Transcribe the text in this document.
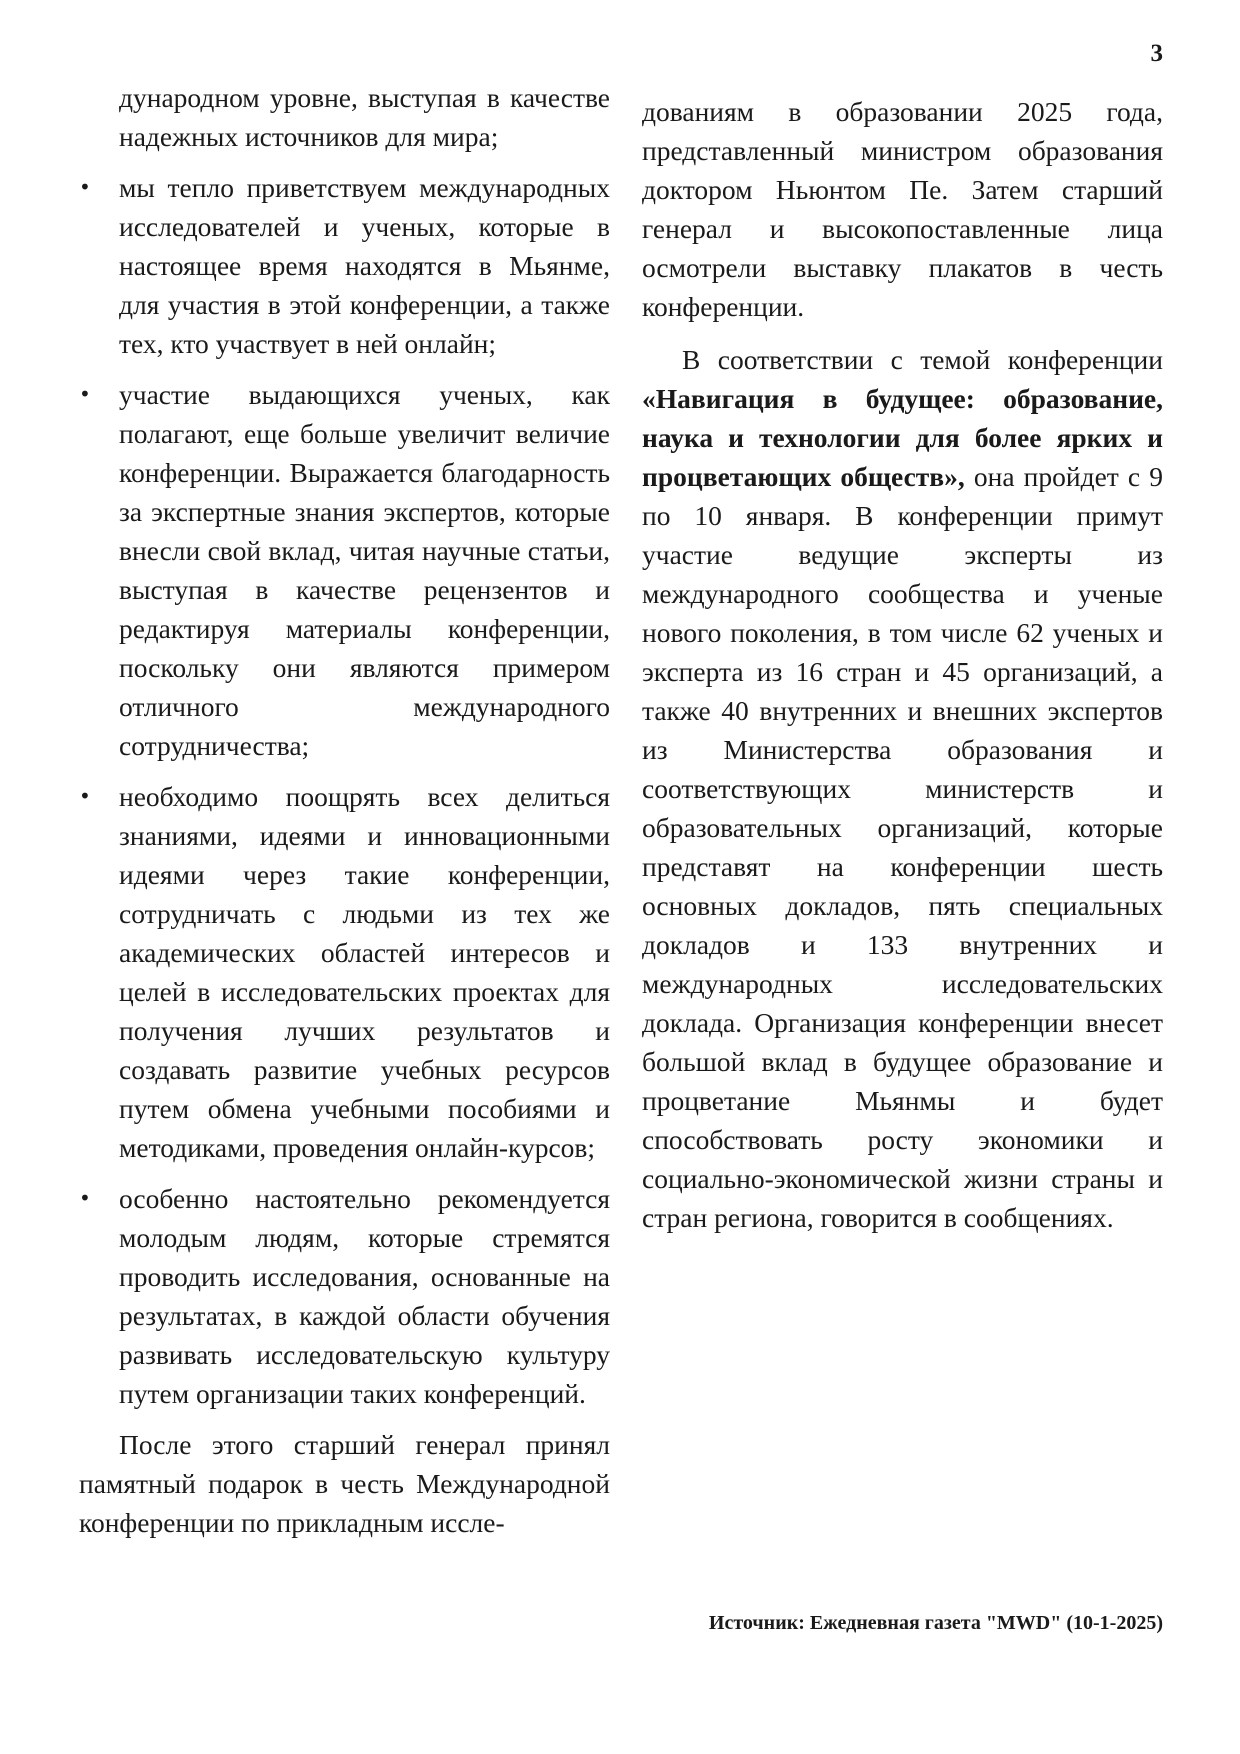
3

дународном уровне, выступая в качестве надежных источников для мира;

• мы тепло приветствуем международных исследователей и ученых, которые в настоящее время находятся в Мьянме, для участия в этой конференции, а также тех, кто участвует в ней онлайн;

• участие выдающихся ученых, как полагают, еще больше увеличит величие конференции. Выражается благодарность за экспертные знания экспертов, которые внесли свой вклад, читая научные статьи, выступая в качестве рецензентов и редактируя материалы конференции, поскольку они являются примером отличного международного сотрудничества;

• необходимо поощрять всех делиться знаниями, идеями и инновационными идеями через такие конференции, сотрудничать с людьми из тех же академических областей интересов и целей в исследовательских проектах для получения лучших результатов и создавать развитие учебных ресурсов путем обмена учебными пособиями и методиками, проведения онлайн-курсов;

• особенно настоятельно рекомендуется молодым людям, которые стремятся проводить исследования, основанные на результатах, в каждой области обучения развивать исследовательскую культуру путем организации таких конференций.

После этого старший генерал принял памятный подарок в честь Международной конференции по прикладным иссле-

дованиям в образовании 2025 года, представленный министром образования доктором Ньюнтом Пе. Затем старший генерал и высокопоставленные лица осмотрели выставку плакатов в честь конференции.

В соответствии с темой конференции «Навигация в будущее: образование, наука и технологии для более ярких и процветающих обществ», она пройдет с 9 по 10 января. В конференции примут участие ведущие эксперты из международного сообщества и ученые нового поколения, в том числе 62 ученых и эксперта из 16 стран и 45 организаций, а также 40 внутренних и внешних экспертов из Министерства образования и соответствующих министерств и образовательных организаций, которые представят на конференции шесть основных докладов, пять специальных докладов и 133 внутренних и международных исследовательских доклада. Организация конференции внесет большой вклад в будущее образование и процветание Мьянмы и будет способствовать росту экономики и социально-экономической жизни страны и стран региона, говорится в сообщениях.

Источник: Ежедневная газета "MWD" (10-1-2025)
